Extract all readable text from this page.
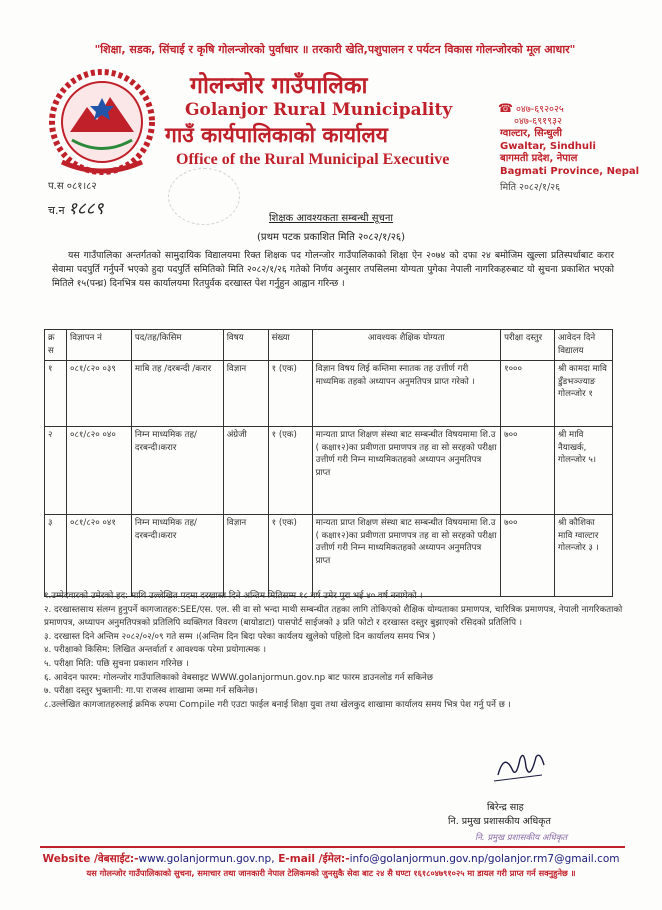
"शिक्षा, सडक, सिंचाई र कृषि गोलन्जोरको पुर्वाधार ॥ तरकारी खेति,पशुपालन र पर्यटन विकास गोलन्जोरको मूल आधार"
गोलन्जोर गाउँपालिका
Golanjor Rural Municipality
गाउँ कार्यपालिकाको कार्यालय
Office of the Rural Municipal Executive
☎ ०४७-६९२०२५
०४७-६९१९३२
ग्वाल्टार, सिन्धुली
Gwaltar, Sindhuli
बागमती प्रदेश, नेपाल
Bagmati Province, Nepal
मिति २०८२/१/२६
प.स ०८१।८२
च.न १८८९	शिक्षक आवश्यकता सम्बन्धी सूचना
(प्रथम पटक प्रकाशित मिति २०८२/१/२६)
यस गाउँपालिका अन्तर्गतको सामुदायिक विद्यालयमा रिक्त शिक्षक पद गोलन्जोर गाउँपालिकाको शिक्षा ऐन २०७४ को दफा २४ बमोजिम खुल्ला प्रतिस्पर्धाबाट करार सेवामा पदपुर्ति गर्नुपर्ने भएको हुदा पदपुर्ति समितिको मिति २०८२/१/२६ गतेको निर्णय अनुसार तपसिलमा योग्यता पुगेका नेपाली नागरिकहरुबाट यो सुचना प्रकाशित भएको मितिले १५(पन्ध्र) दिनभित्र यस कार्यालयमा रितपुर्वक दरखास्त पेश गर्नुहुन आह्वान गरिन्छ ।
क्र स	विज्ञापन नं	पद/तह/किसिम	विषय	संख्या	आवश्यक शैक्षिक योग्यता	परीक्षा दस्तुर	आवेदन दिने विद्यालय
१	०८१/८२० ०३९	माबि तह /दरबन्दी /करार	विज्ञान	१ (एक)	विज्ञान विषय लिई कम्तिमा स्नातक तह उत्तीर्ण गरी माध्यमिक तहको अध्यापन अनुमतिपत्र प्राप्त गरेको ।	१०००	श्री कामदा मावि डुँडभञ्ज्याङ गोलन्जोर १
२	०८१/८२० ०४०	निम्न माध्यमिक तह/ दरबन्दी।करार	अंग्रेजी	१ (एक)	मान्यता प्राप्त शिक्षण संस्था बाट सम्बन्धीत विषयमामा शि.उ ( कक्षा१२)का प्रवीणता प्रमाणपत्र तह वा सो सरहको परीक्षा उत्तीर्ण गरी निम्न माध्यमिकतहको अध्यापन अनुमतिपत्र प्राप्त	७००	श्री मावि नैयाखर्क, गोलन्जोर ५।
३	०८१/८२० ०४१	निम्न माध्यमिक तह/दरबन्दी।करार	विज्ञान	१ (एक)	मान्यता प्राप्त शिक्षण संस्था बाट सम्बन्धीत विषयमामा शि.उ ( कक्षा१२)का प्रवीणता प्रमाणपत्र तह वा सो सरहको परीक्षा उत्तीर्ण गरी निम्न माध्यमिकतहको अध्यापन अनुमतिपत्र प्राप्त	७००	श्री कौशिका मावि ग्वाल्टार गोलन्जोर ३ ।
१.उम्मेदवारको उमेरको हद: माथि उल्लेखित पदमा दरखास्त दिने अन्तिम मितिसम्म १८ वर्ष उमेर पुरा भई ४० वर्ष ननाघेको ।
२. दरखास्तसाथ संलग्न हुनुपर्ने कागजातहरु:SEE/एस. एल. सी वा सो भन्दा माथी सम्बन्धीत तहका लागि तोकिएको शैक्षिक योग्यताका प्रमाणपत्र, चारित्रिक प्रमाणपत्र, नेपाली नागरिकताको प्रमाणपत्र, अध्यापन अनुमतिपत्रको प्रतिलिपि व्यक्तिगत विवरण (बायोडाटा) पासपोर्ट साईजको ३ प्रति फोटो र दरखास्त दस्तुर बुझाएको रसिदको प्रतिलिपि ।
३. दरखास्त दिने अन्तिम २०८२/०२/०९ गते सम्म ।(अन्तिम दिन बिदा परेका कार्यलय खुलेको पहिलो दिन कार्यालय समय भित्र )
४. परीक्षाको किसिम: लिखित अन्तर्वार्ता र आवश्यक परेमा प्रयोगात्मक ।
५. परीक्षा मिति: पछि सुचना प्रकाशन गरिनेछ ।
६. आवेदन फारम: गोलन्जोर गाउँपालिकाको वेबसाइट WWW.golanjormun.gov.np बाट फारम डाउनलोड गर्न सकिनेछ
७. परीक्षा दस्तुर भुक्तानी: गा.पा राजस्व शाखामा जम्मा गर्न सकिनेछ।
८.उल्लेखित कागजातहरुलाई क्रमिक रुपमा Compile गरी एउटा फाईल बनाई शिक्षा युवा तथा खेलकुद शाखामा कार्यालय समय भित्र पेश गर्नु पर्ने छ ।
बिरेन्द्र साह
नि. प्रमुख प्रशासकीय अधिकृत
नि. प्रमुख प्रशासकीय अधिकृत
Website /वेबसाईट:-www.golanjormun.gov.np, E-mail /ईमेल:-info@golanjormun.gov.np/golanjor.rm7@gmail.com
यस गोलन्जोर गाउँपालिकाको सुचना, समाचार तथा जानकारी नेपाल टेलिकमको जुनसुकै सेवा बाट २४ सै घण्टा १६१८०४७९१०२५ मा डायल गरी प्राप्त गर्न सक्नुहुनेछ ॥
